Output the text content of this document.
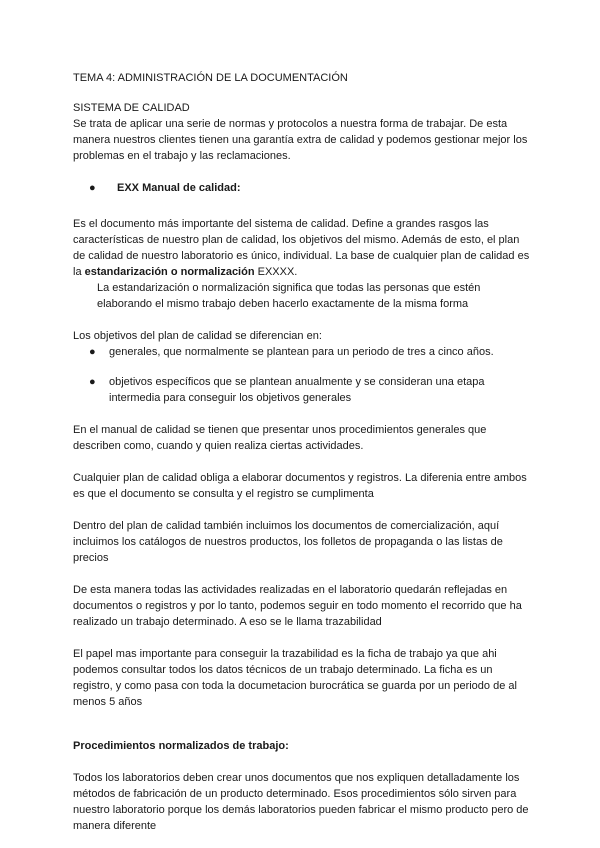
TEMA 4: ADMINISTRACIÓN DE LA DOCUMENTACIÓN

SISTEMA DE CALIDAD

Se trata de aplicar una serie de normas y protocolos a nuestra forma de trabajar. De esta manera nuestros clientes tienen una garantía extra de calidad y podemos gestionar mejor los problemas en el trabajo y las reclamaciones.

●	EXX Manual de calidad:

Es el documento más importante del sistema de calidad. Define a grandes rasgos las características de nuestro plan de calidad, los objetivos del mismo. Además de esto, el plan de calidad de nuestro laboratorio es único, individual. La base de cualquier plan de calidad es la estandarización o normalización EXXXX.

La estandarización o normalización significa que todas las personas que estén elaborando el mismo trabajo deben hacerlo exactamente de la misma forma

Los objetivos del plan de calidad se diferencian en:

●	generales, que normalmente se plantean para un periodo de tres a cinco años.
●	objetivos específicos que se plantean anualmente y se consideran una etapa intermedia para conseguir los objetivos generales

En el manual de calidad se tienen que presentar unos procedimientos generales que describen como, cuando y quien realiza ciertas actividades.

Cualquier plan de calidad obliga a elaborar documentos y registros. La diferenia entre ambos es que el documento se consulta y el registro se cumplimenta

Dentro del plan de calidad también incluimos los documentos de comercialización, aquí incluimos los catálogos de nuestros productos, los folletos de propaganda o las listas de precios

De esta manera todas las actividades realizadas en el laboratorio quedarán reflejadas en documentos o registros y por lo tanto, podemos seguir en todo momento el recorrido que ha realizado un trabajo determinado. A eso se le llama trazabilidad

El papel mas importante para conseguir la trazabilidad es la ficha de trabajo ya que ahi podemos consultar todos los datos técnicos de un trabajo determinado. La ficha es un registro, y como pasa con toda la documetacion burocrática se guarda por un periodo de al menos 5 años

Procedimientos normalizados de trabajo:

Todos los laboratorios deben crear unos documentos que nos expliquen detalladamente los métodos de fabricación de un producto determinado. Esos procedimientos sólo sirven para nuestro laboratorio porque los demás laboratorios pueden fabricar el mismo producto pero de manera diferente
